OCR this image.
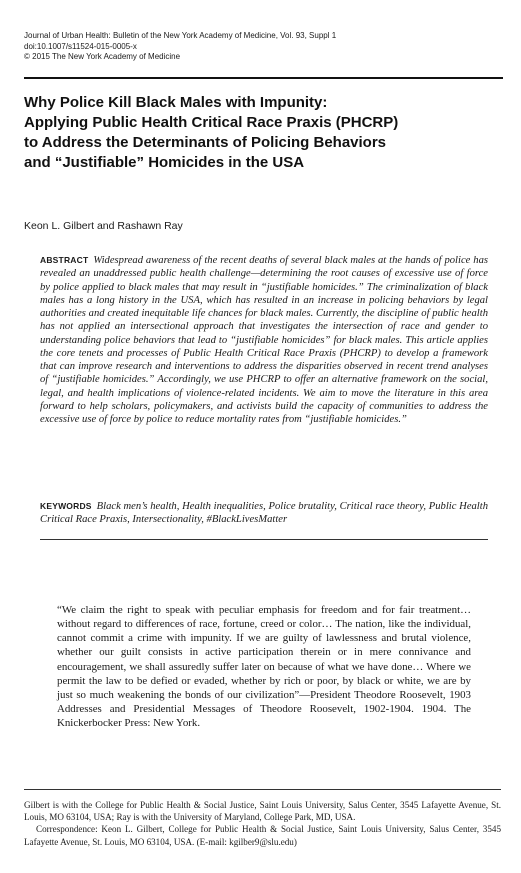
Journal of Urban Health: Bulletin of the New York Academy of Medicine, Vol. 93, Suppl 1
doi:10.1007/s11524-015-0005-x
© 2015 The New York Academy of Medicine
Why Police Kill Black Males with Impunity:
Applying Public Health Critical Race Praxis (PHCRP)
to Address the Determinants of Policing Behaviors
and “Justifiable” Homicides in the USA
Keon L. Gilbert and Rashawn Ray
ABSTRACT Widespread awareness of the recent deaths of several black males at the hands of police has revealed an unaddressed public health challenge—determining the root causes of excessive use of force by police applied to black males that may result in “justifiable homicides.” The criminalization of black males has a long history in the USA, which has resulted in an increase in policing behaviors by legal authorities and created inequitable life chances for black males. Currently, the discipline of public health has not applied an intersectional approach that investigates the intersection of race and gender to understanding police behaviors that lead to “justifiable homicides” for black males. This article applies the core tenets and processes of Public Health Critical Race Praxis (PHCRP) to develop a framework that can improve research and interventions to address the disparities observed in recent trend analyses of “justifiable homicides.” Accordingly, we use PHCRP to offer an alternative framework on the social, legal, and health implications of violence-related incidents. We aim to move the literature in this area forward to help scholars, policymakers, and activists build the capacity of communities to address the excessive use of force by police to reduce mortality rates from “justifiable homicides.”
KEYWORDS Black men’s health, Health inequalities, Police brutality, Critical race theory, Public Health Critical Race Praxis, Intersectionality, #BlackLivesMatter
“We claim the right to speak with peculiar emphasis for freedom and for fair treatment… without regard to differences of race, fortune, creed or color… The nation, like the individual, cannot commit a crime with impunity. If we are guilty of lawlessness and brutal violence, whether our guilt consists in active participation therein or in mere connivance and encouragement, we shall assuredly suffer later on because of what we have done… Where we permit the law to be defied or evaded, whether by rich or poor, by black or white, we are by just so much weakening the bonds of our civilization”—President Theodore Roosevelt, 1903 Addresses and Presidential Messages of Theodore Roosevelt, 1902-1904. 1904. The Knickerbocker Press: New York.

Gilbert is with the College for Public Health & Social Justice, Saint Louis University, Salus Center, 3545 Lafayette Avenue, St. Louis, MO 63104, USA; Ray is with the University of Maryland, College Park, MD, USA.

Correspondence: Keon L. Gilbert, College for Public Health & Social Justice, Saint Louis University, Salus Center, 3545 Lafayette Avenue, St. Louis, MO 63104, USA. (E-mail: kgilber9@slu.edu)
